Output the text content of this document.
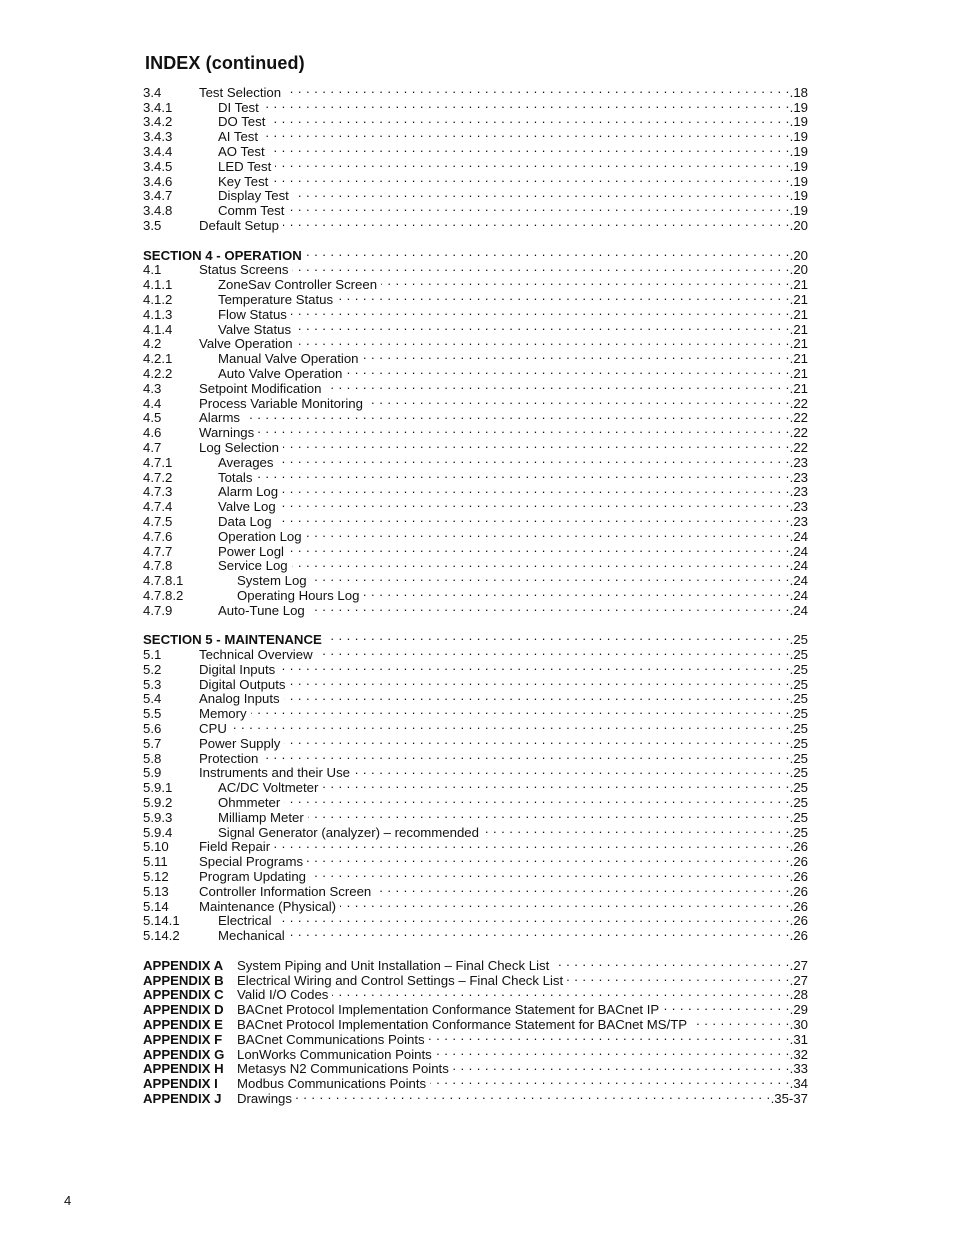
INDEX (continued)
3.4	Test Selection . . .	.18
3.4.1	DI Test . . .	.19
3.4.2	DO Test . . .	.19
3.4.3	AI Test . . .	.19
3.4.4	AO Test . . .	.19
3.4.5	LED Test . . .	.19
3.4.6	Key Test . . .	.19
3.4.7	Display Test . . .	.19
3.4.8	Comm Test . . .	.19
3.5	Default Setup . . .	.20
SECTION 4 - OPERATION . . .	.20
4.1	Status Screens . . .	.20
4.1.1	ZoneSav Controller Screen . . .	.21
4.1.2	Temperature Status . . .	.21
4.1.3	Flow Status . . .	.21
4.1.4	Valve Status . . .	.21
4.2	Valve Operation . . .	.21
4.2.1	Manual Valve Operation . . .	.21
4.2.2	Auto Valve Operation . . .	.21
4.3	Setpoint Modification . . .	.21
4.4	Process Variable Monitoring . . .	.22
4.5	Alarms . . .	.22
4.6	Warnings . . .	.22
4.7	Log Selection . . .	.22
4.7.1	Averages . . .	.23
4.7.2	Totals . . .	.23
4.7.3	Alarm Log . . .	.23
4.7.4	Valve Log . . .	.23
4.7.5	Data Log . . .	.23
4.7.6	Operation Log . . .	.24
4.7.7	Power Logl . . .	.24
4.7.8	Service Log . . .	.24
4.7.8.1	System Log . . .	.24
4.7.8.2	Operating Hours Log . . .	.24
4.7.9	Auto-Tune Log . . .	.24
SECTION 5 - MAINTENANCE . . .	.25
5.1	Technical Overview . . .	.25
5.2	Digital Inputs . . .	.25
5.3	Digital Outputs . . .	.25
5.4	Analog Inputs . . .	.25
5.5	Memory . . .	.25
5.6	CPU . . .	.25
5.7	Power Supply . . .	.25
5.8	Protection . . .	.25
5.9	Instruments and their Use . . .	.25
5.9.1	AC/DC Voltmeter . . .	.25
5.9.2	Ohmmeter . . .	.25
5.9.3	Milliamp Meter . . .	.25
5.9.4	Signal Generator (analyzer) – recommended . . .	.25
5.10	Field Repair . . .	.26
5.11	Special Programs . . .	.26
5.12	Program Updating . . .	.26
5.13	Controller Information Screen . . .	.26
5.14	Maintenance (Physical) . . .	.26
5.14.1	Electrical . . .	.26
5.14.2	Mechanical . . .	.26
APPENDIX A	System Piping and Unit Installation – Final Check List . . .	.27
APPENDIX B	Electrical Wiring and Control Settings – Final Check List . . .	.27
APPENDIX C	Valid I/O Codes . . .	.28
APPENDIX D	BACnet Protocol Implementation Conformance Statement for BACnet IP . . .	.29
APPENDIX E	BACnet Protocol Implementation Conformance Statement for BACnet MS/TP . . .	.30
APPENDIX F	BACnet Communications Points . . .	.31
APPENDIX G LonWorks Communication Points . . .	.32
APPENDIX H	Metasys N2 Communications Points . . .	.33
APPENDIX I	Modbus Communications Points . . .	.34
APPENDIX J	Drawings . . .	.35-37
4
